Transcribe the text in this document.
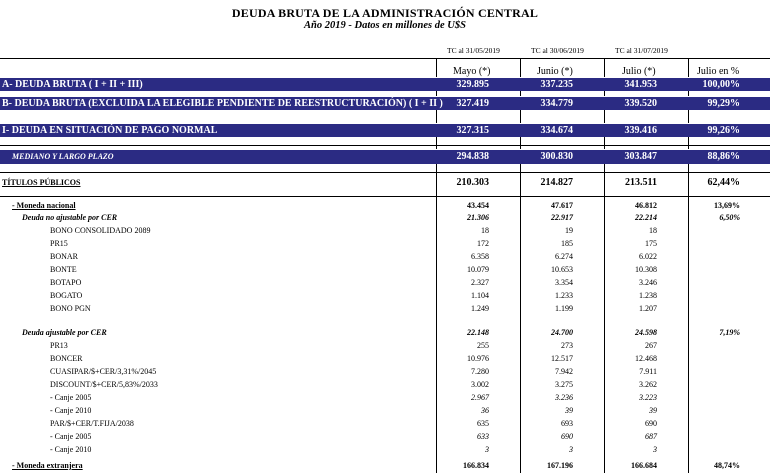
DEUDA BRUTA DE LA ADMINISTRACIÓN CENTRAL
Año 2019 - Datos en millones de U$S
TC al 31/05/2019	TC al 30/06/2019	TC al 31/07/2019
Mayo (*)	Junio (*)	Julio (*)	Julio en %
A- DEUDA BRUTA ( I + II + III)	329.895	337.235	341.953	100,00%
B- DEUDA BRUTA (EXCLUIDA LA ELEGIBLE PENDIENTE DE REESTRUCTURACIÓN) ( I + II )	327.419	334.779	339.520	99,29%
I- DEUDA EN SITUACIÓN DE PAGO NORMAL	327.315	334.674	339.416	99,26%
MEDIANO Y LARGO PLAZO	294.838	300.830	303.847	88,86%
TÍTULOS PÚBLICOS	210.303	214.827	213.511	62,44%
- Moneda nacional	43.454	47.617	46.812	13,69%
Deuda no ajustable por CER	21.306	22.917	22.214	6,50%
BONO CONSOLIDADO 2089	18	19	18
PR15	172	185	175
BONAR	6.358	6.274	6.022
BONTE	10.079	10.653	10.308
BOTAPO	2.327	3.354	3.246
BOGATO	1.104	1.233	1.238
BONO PGN	1.249	1.199	1.207
Deuda ajustable por CER	22.148	24.700	24.598	7,19%
PR13	255	273	267
BONCER	10.976	12.517	12.468
CUASIPAR/$+CER/3,31%/2045	7.280	7.942	7.911
DISCOUNT/$+CER/5,83%/2033	3.002	3.275	3.262
- Canje 2005	2.967	3.236	3.223
- Canje 2010	36	39	39
PAR/$+CER/T.FIJA/2038	635	693	690
- Canje 2005	633	690	687
- Canje 2010	3	3	3
- Moneda extranjera	166.834	167.196	166.684	48,74%
